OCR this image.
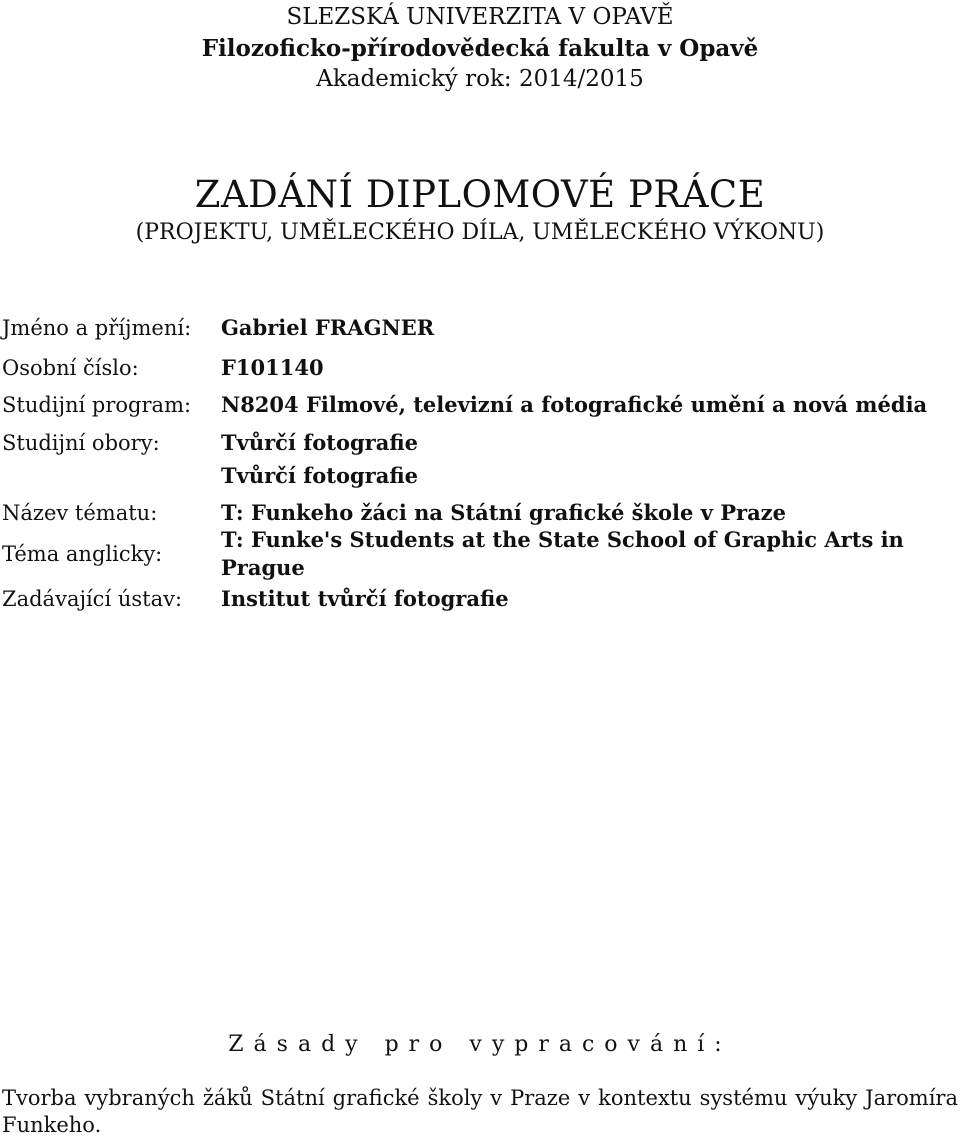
SLEZSKÁ UNIVERZITA V OPAVĚ
Filozoficko-přírodovědecká fakulta v Opavě
Akademický rok: 2014/2015
ZADÁNÍ DIPLOMOVÉ PRÁCE
(PROJEKTU, UMĚLECKÉHO DÍLA, UMĚLECKÉHO VÝKONU)
Jméno a příjmení: Gabriel FRAGNER
Osobní číslo:	F101140
Studijní program: N8204 Filmové, televizní a fotografické umění a nová média
Studijní obory:	Tvůrčí fotografie
Tvůrčí fotografie
Název tématu:	T: Funkeho žáci na Státní grafické škole v Praze
Téma anglicky:
T: Funke's Students at the State School of Graphic Arts in Prague
Zadávající ústav: Institut tvůrčí fotografie
Zásady pro vypracování:
Tvorba vybraných žáků Státní grafické školy v Praze v kontextu systému výuky Jaromíra Funkeho.
